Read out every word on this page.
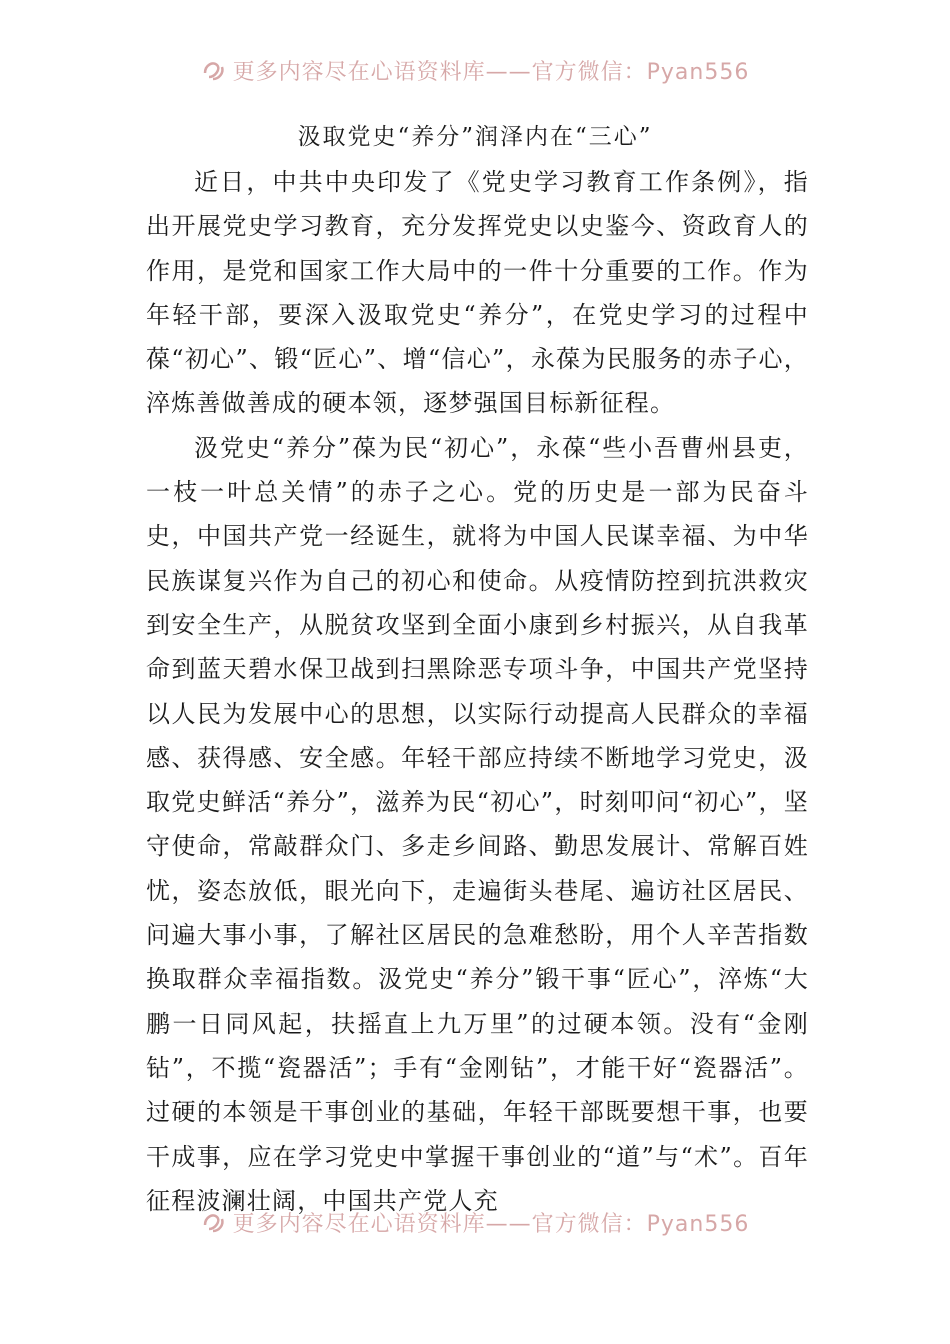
更多内容尽在心语资料库——官方微信：Pyan556
汲取党史“养分”润泽内在“三心”

近日，中共中央印发了《党史学习教育工作条例》，指出开展党史学习教育，充分发挥党史以史鉴今、资政育人的作用，是党和国家工作大局中的一件十分重要的工作。作为年轻干部，要深入汲取党史“养分”，在党史学习的过程中葆“初心”、锻“匠心”、增“信心”，永葆为民服务的赤子心，淬炼善做善成的硬本领，逐梦强国目标新征程。

汲党史“养分”葆为民“初心”，永葆“些小吾曹州县吏，一枝一叶总关情”的赤子之心。党的历史是一部为民奋斗史，中国共产党一经诞生，就将为中国人民谋幸福、为中华民族谋复兴作为自己的初心和使命。从疫情防控到抗洪救灾到安全生产，从脱贫攻坚到全面小康到乡村振兴，从自我革命到蓝天碧水保卫战到扫黑除恶专项斗争，中国共产党坚持以人民为发展中心的思想，以实际行动提高人民群众的幸福感、获得感、安全感。年轻干部应持续不断地学习党史，汲取党史鲜活“养分”，滋养为民“初心”，时刻叩问“初心”，坚守使命，常敲群众门、多走乡间路、勤思发展计、常解百姓忧，姿态放低，眼光向下，走遍街头巷尾、遍访社区居民、问遍大事小事，了解社区居民的急难愁盼，用个人辛苦指数换取群众幸福指数。汲党史“养分”锻干事“匠心”，淬炼“大鹏一日同风起，扶摇直上九万里”的过硬本领。没有“金刚钻”，不揽“瓷器活”；手有“金刚钻”，才能干好“瓷器活”。过硬的本领是干事创业的基础，年轻干部既要想干事，也要干成事，应在学习党史中掌握干事创业的“道”与“术”。百年征程波澜壮阔，中国共产党人充

更多内容尽在心语资料库——官方微信：Pyan556
